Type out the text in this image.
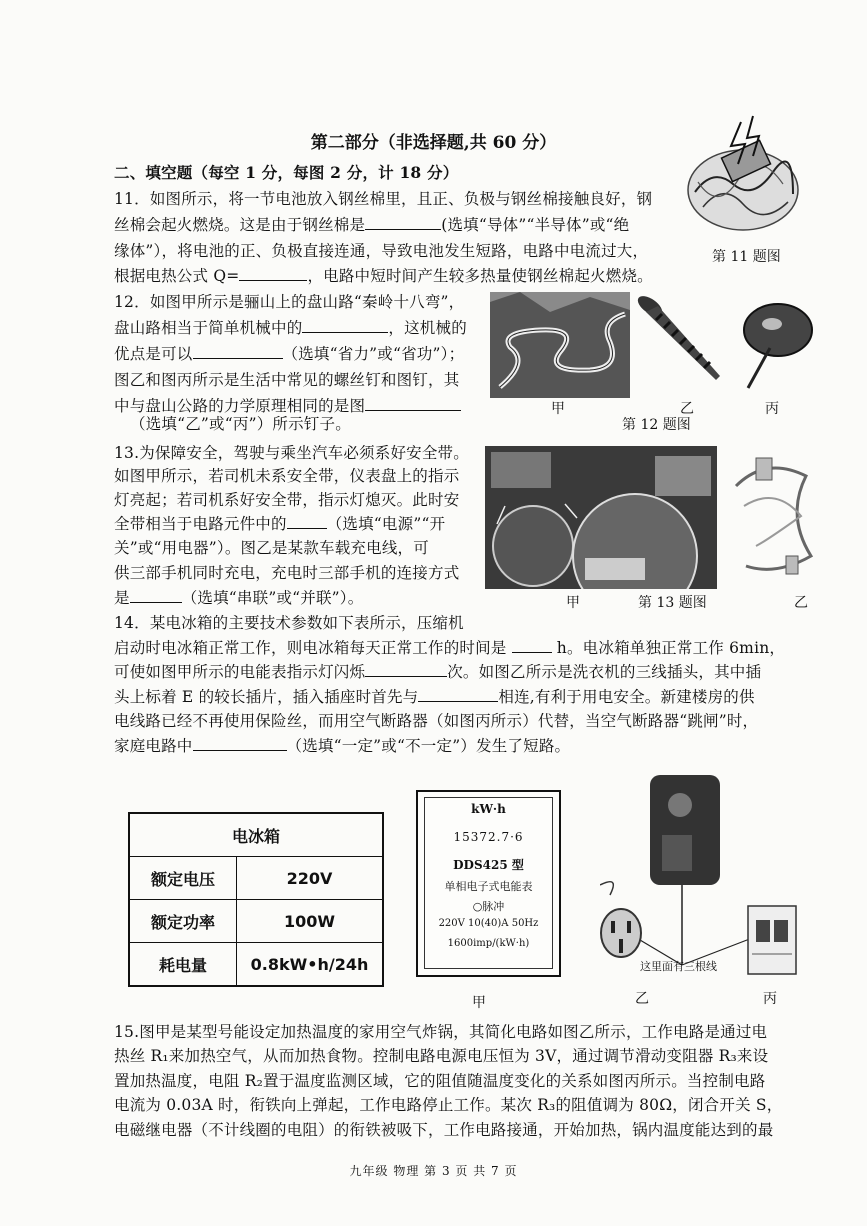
第二部分（非选择题,共 60 分）
二、填空题（每空 1 分，每图 2 分，计 18 分）
11．如图所示，将一节电池放入钢丝棉里，且正、负极与钢丝棉接触良好，钢
丝棉会起火燃烧。这是由于钢丝棉是	(选填“导体”“半导体”或“绝
缘体”），将电池的正、负极直接连通，导致电池发生短路，电路中电流过大，
根据电热公式 Q=	，电路中短时间产生较多热量使钢丝棉起火燃烧。
第 11 题图
12．如图甲所示是骊山上的盘山路“秦岭十八弯”，
盘山路相当于简单机械中的	，这机械的
优点是可以	（选填“省力”或“省功”）；
图乙和图丙所示是生活中常见的螺丝钉和图钉，其
中与盘山公路的力学原理相同的是图
（选填“乙”或“丙”）所示钉子。
甲	乙	丙
第 12 题图
13.为保障安全，驾驶与乘坐汽车必须系好安全带。
如图甲所示，若司机未系安全带，仪表盘上的指示
灯亮起；若司机系好安全带，指示灯熄灭。此时安
全带相当于电路元件中的	（选填“电源”“开
关”或“用电器”）。图乙是某款车载充电线，可
供三部手机同时充电，充电时三部手机的连接方式
是	（选填“串联”或“并联”）。	甲	第 13 题图	乙
14．某电冰箱的主要技术参数如下表所示，压缩机
启动时电冰箱正常工作，则电冰箱每天正常工作的时间是	h。电冰箱单独正常工作 6min，
可使如图甲所示的电能表指示灯闪烁	次。如图乙所示是洗衣机的三线插头，其中插
头上标着 E 的较长插片，插入插座时首先与	相连,有利于用电安全。新建楼房的供
电线路已经不再使用保险丝，而用空气断路器（如图丙所示）代替，当空气断路器“跳闸”时，
家庭电路中	（选填“一定”或“不一定”）发生了短路。
电冰箱	
额定电压	220V
额定功率	100W
耗电量	0.8kW•h/24h
kW·h
15372.7·6
DDS425 型
单相电子式电能表
○脉冲
220V 10(40)A 50Hz
1600imp/(kW·h)
这里面有三根线
甲	乙	丙
15.图甲是某型号能设定加热温度的家用空气炸锅，其简化电路如图乙所示，工作电路是通过电
热丝 R₁来加热空气，从而加热食物。控制电路电源电压恒为 3V，通过调节滑动变阻器 R₃来设
置加热温度，电阻 R₂置于温度监测区域，它的阻值随温度变化的关系如图丙所示。当控制电路
电流为 0.03A 时，衔铁向上弹起，工作电路停止工作。某次 R₃的阻值调为 80Ω，闭合开关 S，
电磁继电器（不计线圈的电阻）的衔铁被吸下，工作电路接通，开始加热，锅内温度能达到的最
九年级 物理 第 3 页 共 7 页
